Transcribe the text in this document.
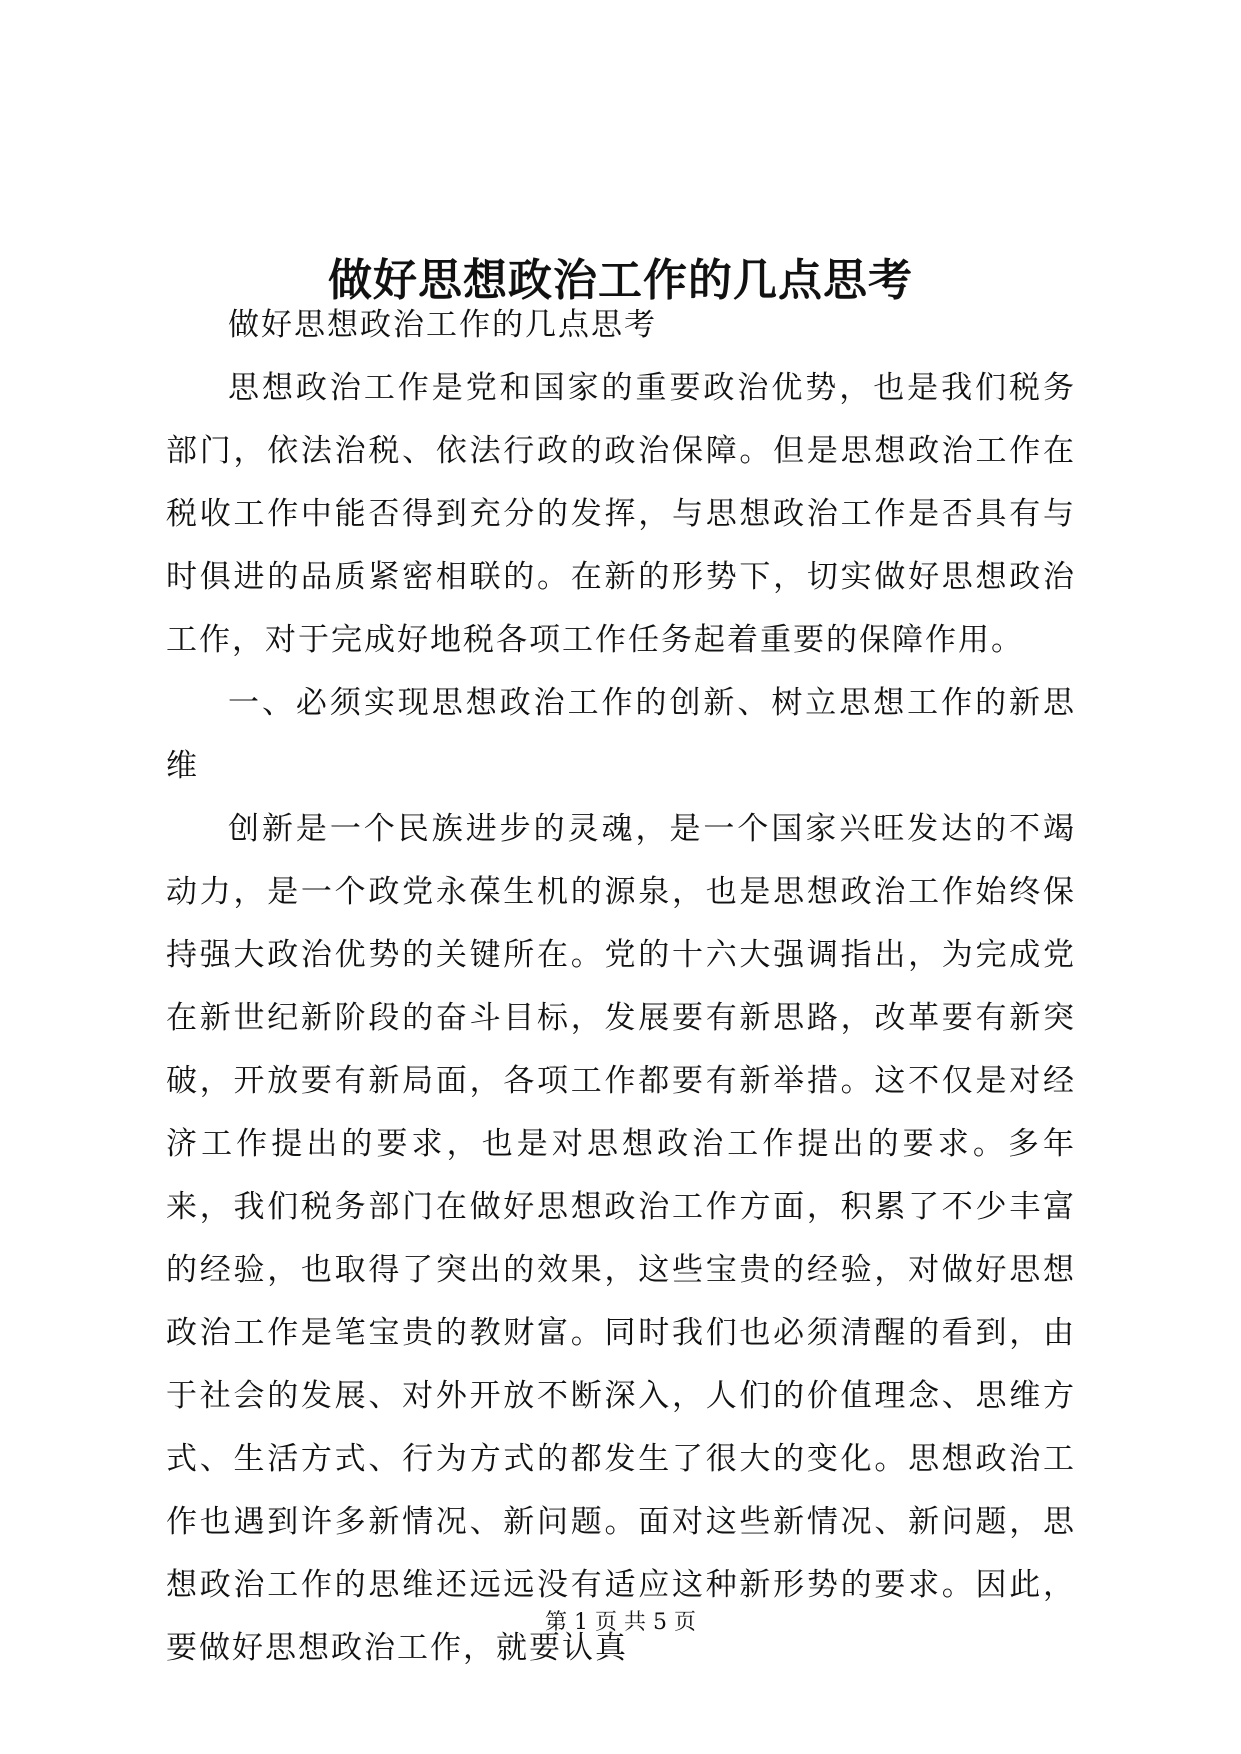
做好思想政治工作的几点思考

做好思想政治工作的几点思考

思想政治工作是党和国家的重要政治优势，也是我们税务部门，依法治税、依法行政的政治保障。但是思想政治工作在税收工作中能否得到充分的发挥，与思想政治工作是否具有与时俱进的品质紧密相联的。在新的形势下，切实做好思想政治工作，对于完成好地税各项工作任务起着重要的保障作用。

一、必须实现思想政治工作的创新、树立思想工作的新思维

创新是一个民族进步的灵魂，是一个国家兴旺发达的不竭动力，是一个政党永葆生机的源泉，也是思想政治工作始终保持强大政治优势的关键所在。党的十六大强调指出，为完成党在新世纪新阶段的奋斗目标，发展要有新思路，改革要有新突破，开放要有新局面，各项工作都要有新举措。这不仅是对经济工作提出的要求，也是对思想政治工作提出的要求。多年来，我们税务部门在做好思想政治工作方面，积累了不少丰富的经验，也取得了突出的效果，这些宝贵的经验，对做好思想政治工作是笔宝贵的教财富。同时我们也必须清醒的看到，由于社会的发展、对外开放不断深入，人们的价值理念、思维方式、生活方式、行为方式的都发生了很大的变化。思想政治工作也遇到许多新情况、新问题。面对这些新情况、新问题，思想政治工作的思维还远远没有适应这种新形势的要求。因此，要做好思想政治工作，就要认真

第 1 页 共 5 页
